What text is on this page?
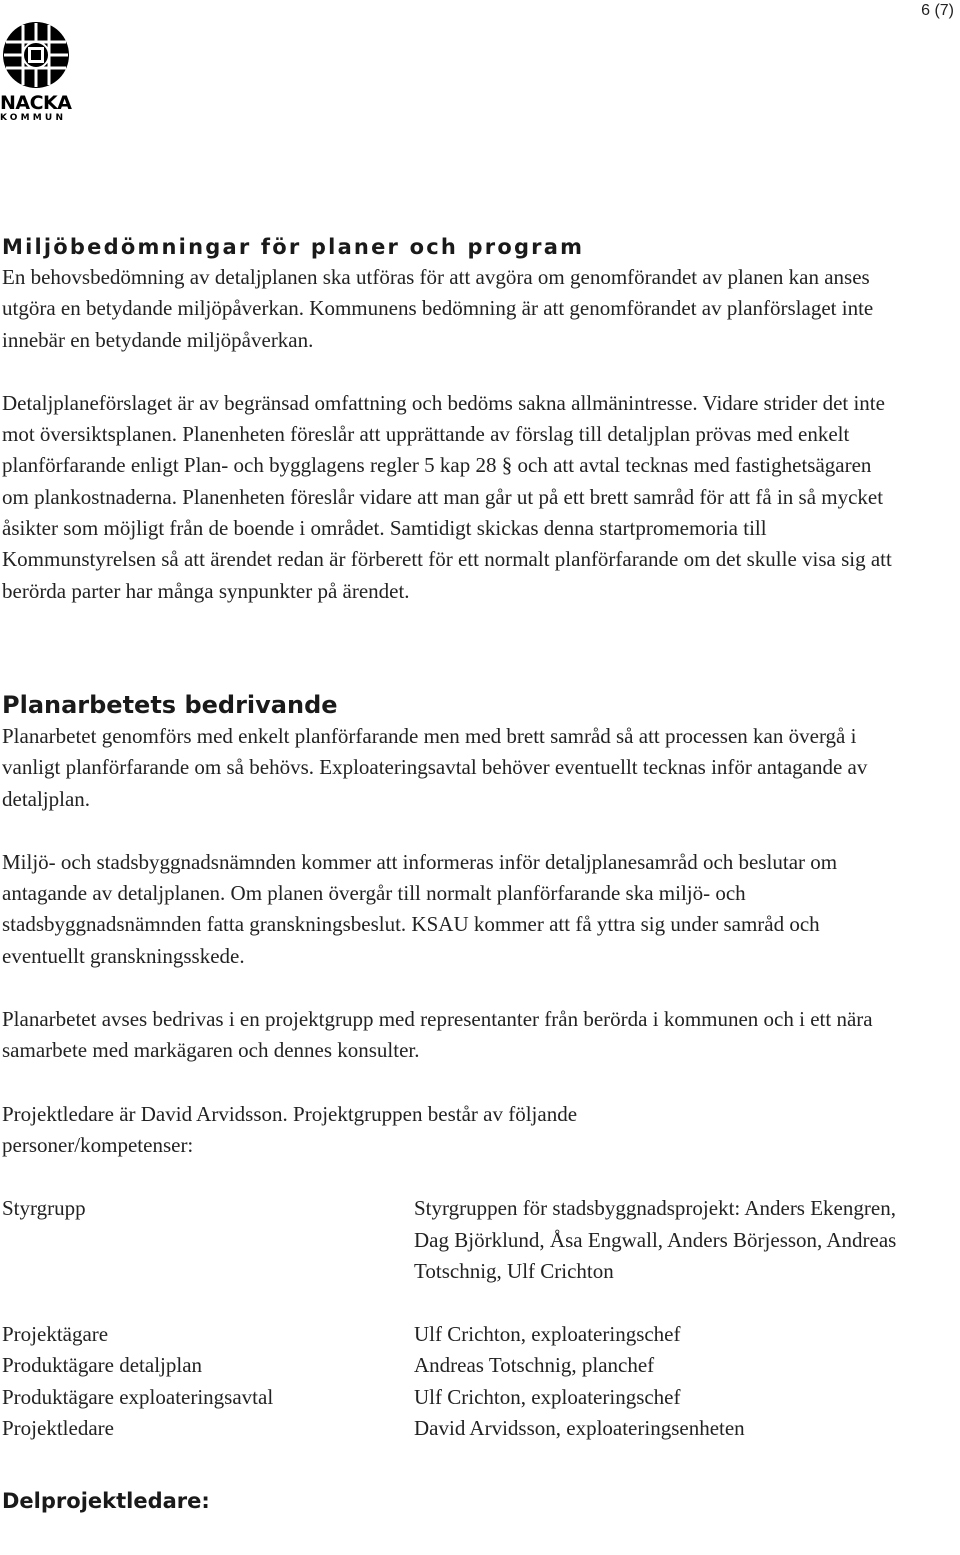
6 (7)
NACKA
KOMMUN
Miljöbedömningar för planer och program

En behovsbedömning av detaljplanen ska utföras för att avgöra om genomförandet av planen kan anses utgöra en betydande miljöpåverkan. Kommunens bedömning är att genomförandet av planförslaget inte innebär en betydande miljöpåverkan.

Detaljplaneförslaget är av begränsad omfattning och bedöms sakna allmänintresse. Vidare strider det inte mot översiktsplanen. Planenheten föreslår att upprättande av förslag till detaljplan prövas med enkelt planförfarande enligt Plan- och bygglagens regler 5 kap 28 § och att avtal tecknas med fastighetsägaren om plankostnaderna. Planenheten föreslår vidare att man går ut på ett brett samråd för att få in så mycket åsikter som möjligt från de boende i området. Samtidigt skickas denna startpromemoria till Kommunstyrelsen så att ärendet redan är förberett för ett normalt planförfarande om det skulle visa sig att berörda parter har många synpunkter på ärendet.

Planarbetets bedrivande

Planarbetet genomförs med enkelt planförfarande men med brett samråd så att processen kan övergå i vanligt planförfarande om så behövs. Exploateringsavtal behöver eventuellt tecknas inför antagande av detaljplan.

Miljö- och stadsbyggnadsnämnden kommer att informeras inför detaljplanesamråd och beslutar om antagande av detaljplanen. Om planen övergår till normalt planförfarande ska miljö- och stadsbyggnadsnämnden fatta granskningsbeslut. KSAU kommer att få yttra sig under samråd och eventuellt granskningsskede.

Planarbetet avses bedrivas i en projektgrupp med representanter från berörda i kommunen och i ett nära samarbete med markägaren och dennes konsulter.

Projektledare är David Arvidsson. Projektgruppen består av följande personer/kompetenser:

Styrgrupp	Styrgruppen för stadsbyggnadsprojekt: Anders Ekengren, Dag Björklund, Åsa Engwall, Anders Börjesson, Andreas Totschnig, Ulf Crichton

Projektägare	Ulf Crichton, exploateringschef
Produktägare detaljplan	Andreas Totschnig, planchef
Produktägare exploateringsavtal	Ulf Crichton, exploateringschef
Projektledare	David Arvidsson, exploateringsenheten
Delprojektledare:
